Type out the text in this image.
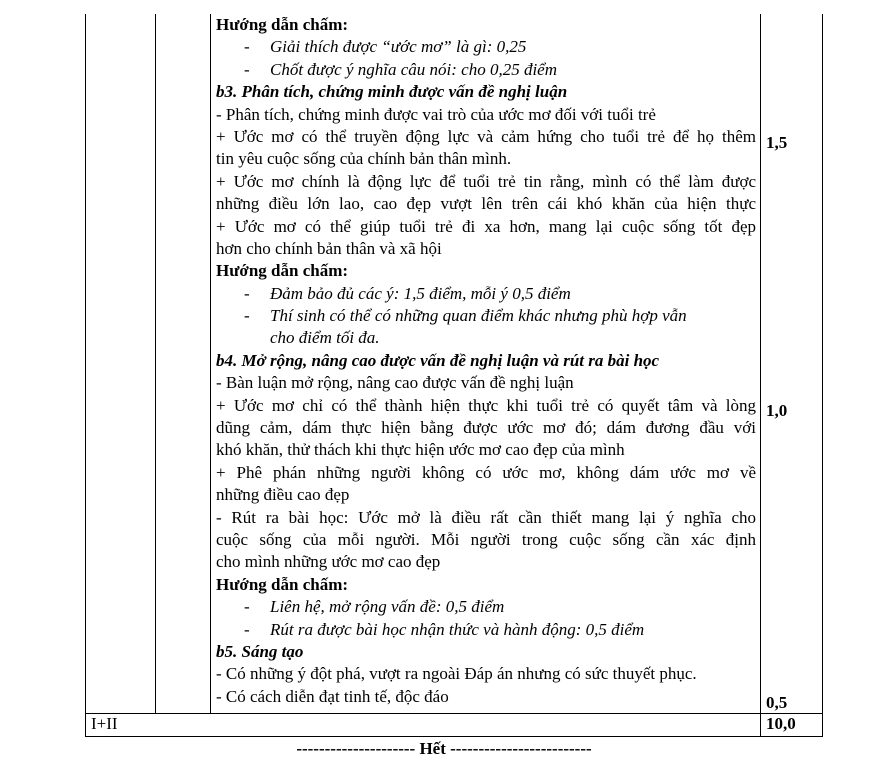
Hướng dẫn chấm:
- Giải thích được “ước mơ” là gì: 0,25
- Chốt được ý nghĩa câu nói: cho 0,25 điểm
b3. Phân tích, chứng minh được vấn đề nghị luận
- Phân tích, chứng minh được vai trò của ước mơ đối với tuổi trẻ
+ Ước mơ có thể truyền động lực và cảm hứng cho tuổi trẻ để họ thêm
tin yêu cuộc sống của chính bản thân mình.
+ Ước mơ chính là động lực để tuổi trẻ tin rằng, mình có thể làm được
những điều lớn lao, cao đẹp vượt lên trên cái khó khăn của hiện thực
+ Ước mơ có thể giúp tuổi trẻ đi xa hơn, mang lại cuộc sống tốt đẹp
hơn cho chính bản thân và xã hội
Hướng dẫn chấm:
- Đảm bảo đủ các ý: 1,5 điểm, mỗi ý 0,5 điểm
- Thí sinh có thể có những quan điểm khác nhưng phù hợp vẫn
cho điểm tối đa.
b4. Mở rộng, nâng cao được vấn đề nghị luận và rút ra bài học
- Bàn luận mở rộng, nâng cao được vấn đề nghị luận
+ Ước mơ chỉ có thể thành hiện thực khi tuổi trẻ có quyết tâm và lòng
dũng cảm, dám thực hiện bằng được ước mơ đó; dám đương đầu với
khó khăn, thử thách khi thực hiện ước mơ cao đẹp của mình
+ Phê phán những người không có ước mơ, không dám ước mơ về
những điều cao đẹp
- Rút ra bài học: Ước mở là điều rất cần thiết mang lại ý nghĩa cho
cuộc sống của mỗi người. Mỗi người trong cuộc sống cần xác định
cho mình những ước mơ cao đẹp
Hướng dẫn chấm:
- Liên hệ, mở rộng vấn đề: 0,5 điểm
- Rút ra được bài học nhận thức và hành động: 0,5 điểm
b5. Sáng tạo
- Có những ý đột phá, vượt ra ngoài Đáp án nhưng có sức thuyết phục.
- Có cách diễn đạt tinh tế, độc đáo
1,5
1,0
0,5
I+II	10,0
--------------------- Hết -------------------------
